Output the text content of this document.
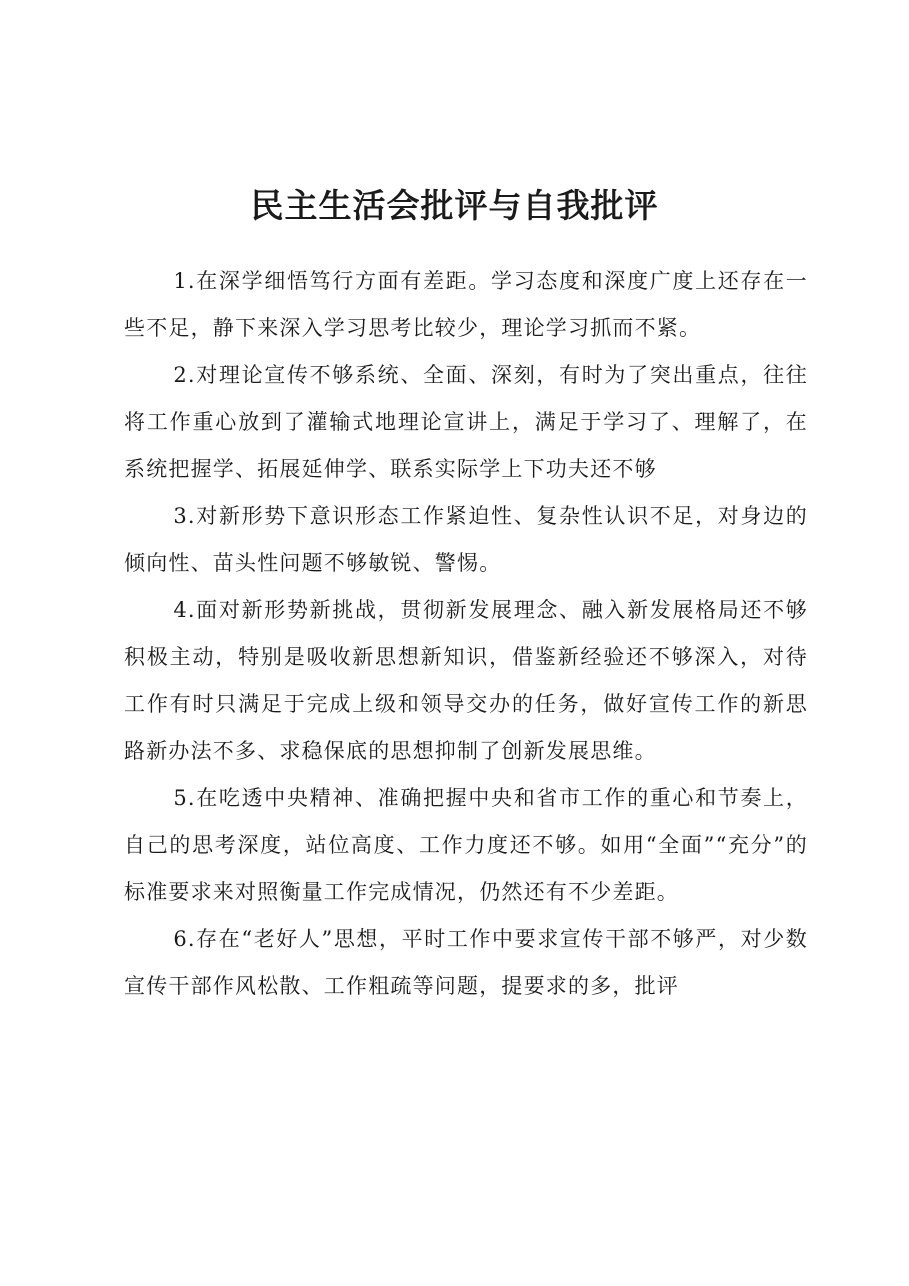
民主生活会批评与自我批评

1.在深学细悟笃行方面有差距。学习态度和深度广度上还存在一些不足，静下来深入学习思考比较少，理论学习抓而不紧。

2.对理论宣传不够系统、全面、深刻，有时为了突出重点，往往将工作重心放到了灌输式地理论宣讲上，满足于学习了、理解了，在系统把握学、拓展延伸学、联系实际学上下功夫还不够

3.对新形势下意识形态工作紧迫性、复杂性认识不足，对身边的倾向性、苗头性问题不够敏锐、警惕。

4.面对新形势新挑战，贯彻新发展理念、融入新发展格局还不够积极主动，特别是吸收新思想新知识，借鉴新经验还不够深入，对待工作有时只满足于完成上级和领导交办的任务，做好宣传工作的新思路新办法不多、求稳保底的思想抑制了创新发展思维。

5.在吃透中央精神、准确把握中央和省市工作的重心和节奏上，自己的思考深度，站位高度、工作力度还不够。如用“全面”“充分”的标准要求来对照衡量工作完成情况，仍然还有不少差距。

6.存在“老好人”思想，平时工作中要求宣传干部不够严，对少数宣传干部作风松散、工作粗疏等问题，提要求的多，批评
